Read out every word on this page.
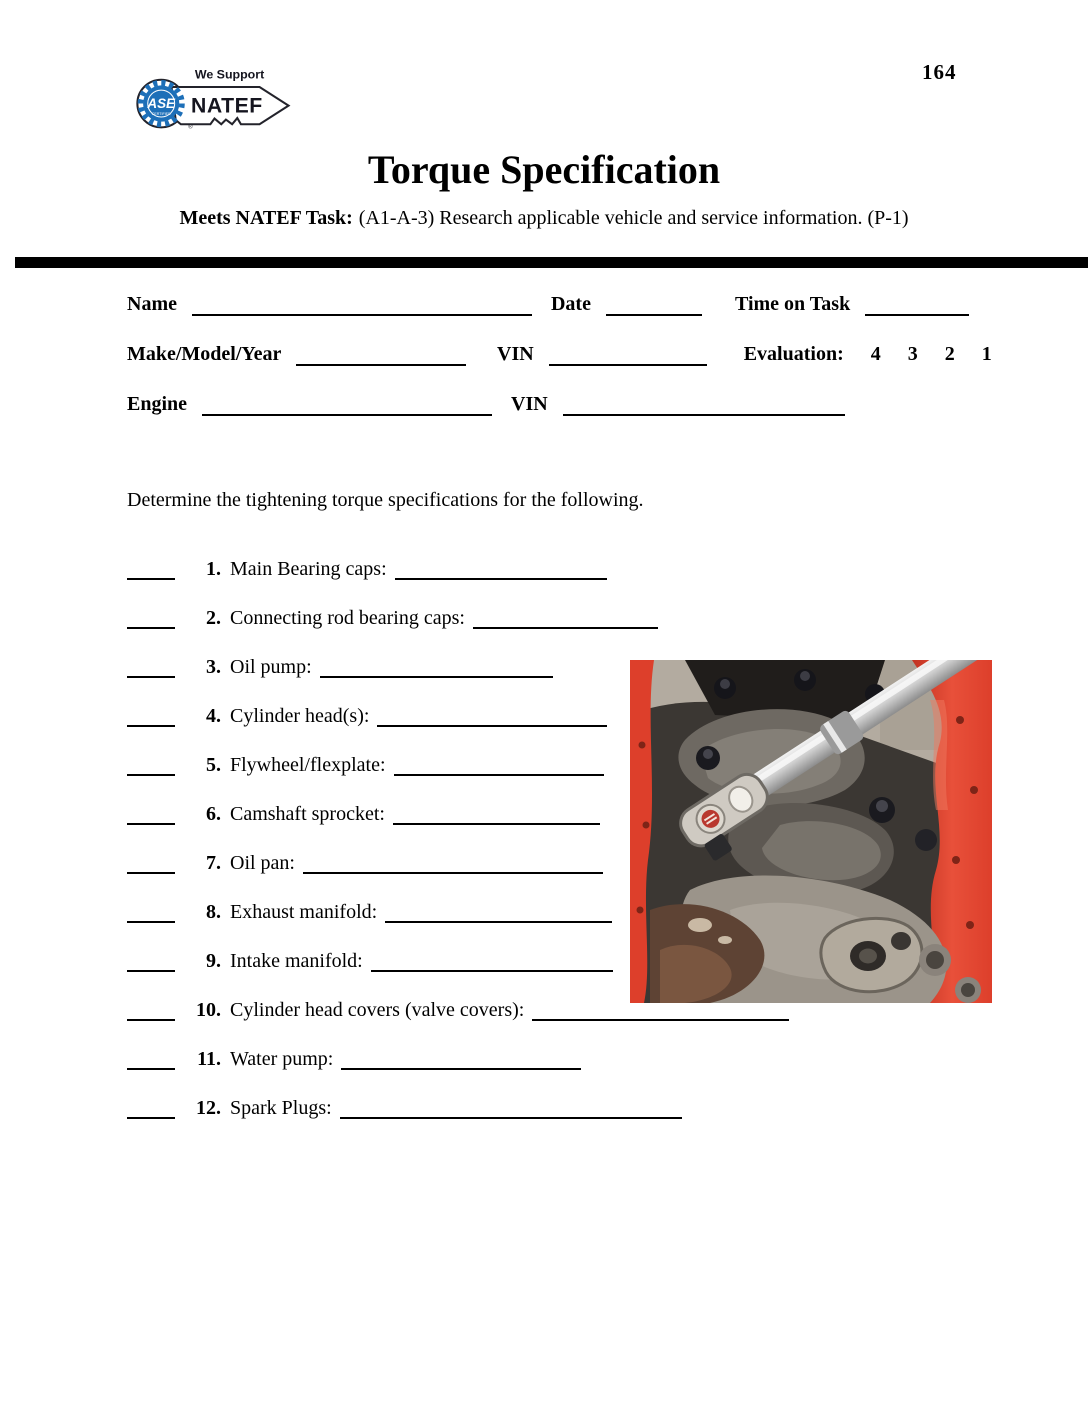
ASE
CERTIFIED
®
We Support
NATEF
164
Torque Specification
Meets NATEF Task: (A1-A-3) Research applicable vehicle and service information. (P-1)
Name	Date	Time on Task
Make/Model/Year	VIN	Evaluation: 4 3 2 1
Engine	VIN
Determine the tightening torque specifications for the following.
1. Main Bearing caps:
2. Connecting rod bearing caps:
3. Oil pump:
4. Cylinder head(s):
5. Flywheel/flexplate:
6. Camshaft sprocket:
7. Oil pan:
8. Exhaust manifold:
9. Intake manifold:
10. Cylinder head covers (valve covers):
11. Water pump:
12. Spark Plugs:
